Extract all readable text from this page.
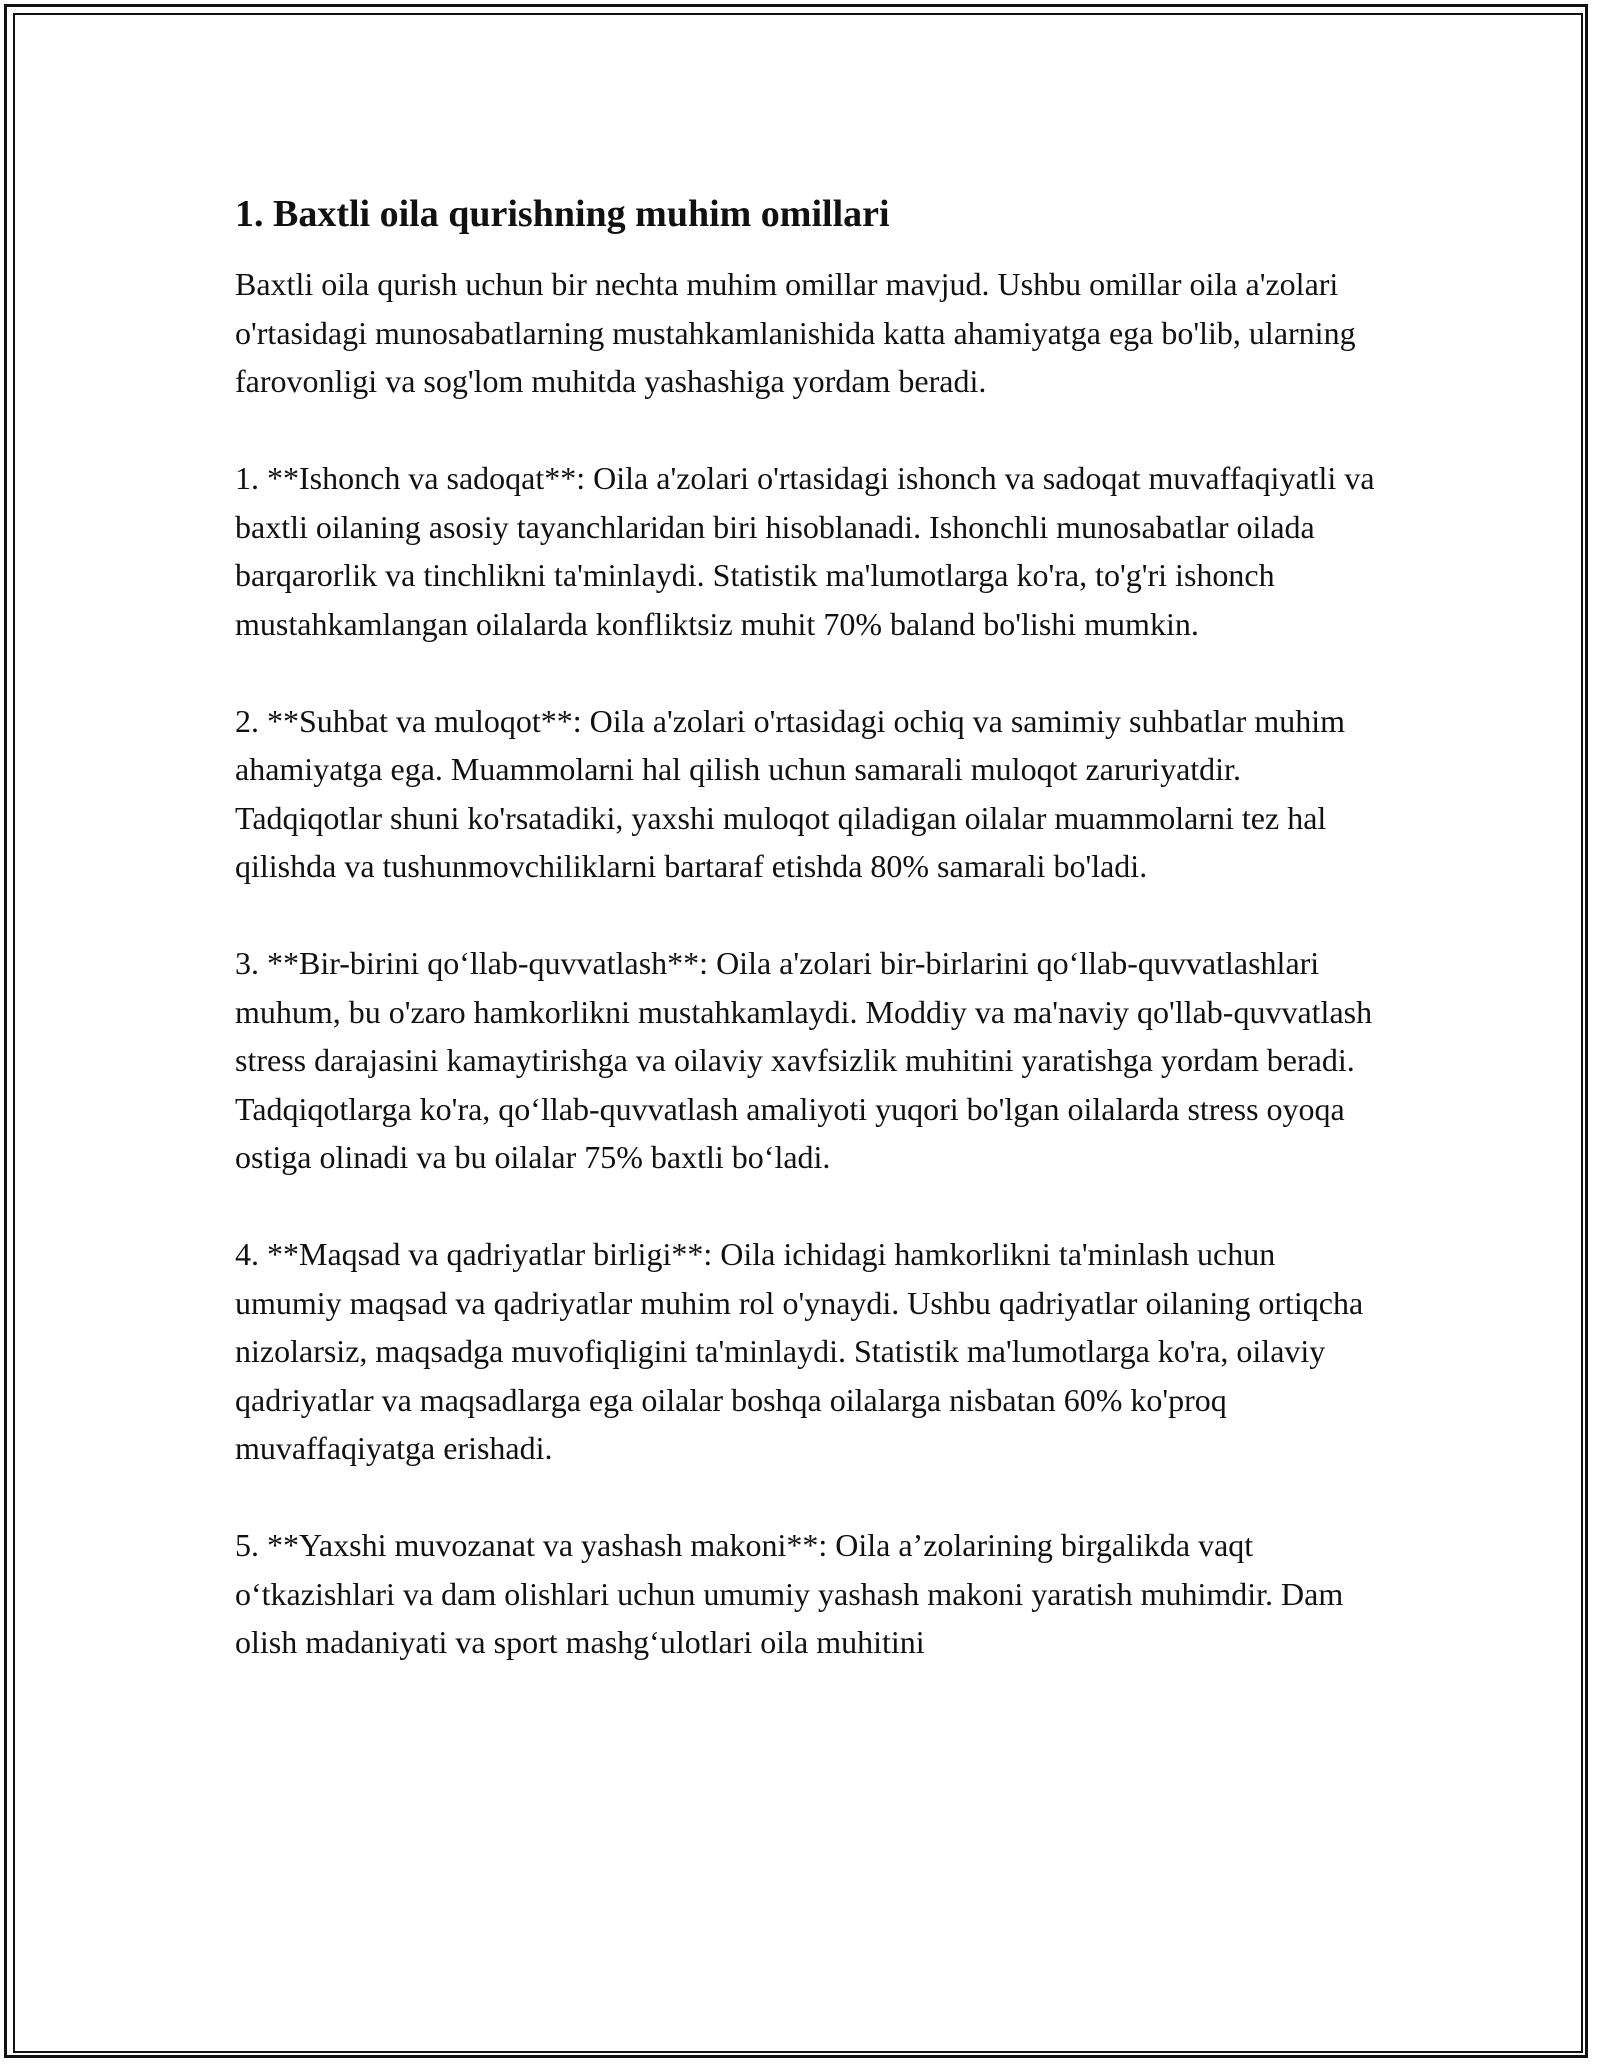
1. Baxtli oila qurishning muhim omillari

Baxtli oila qurish uchun bir nechta muhim omillar mavjud. Ushbu omillar oila a'zolari o'rtasidagi munosabatlarning mustahkamlanishida katta ahamiyatga ega bo'lib, ularning farovonligi va sog'lom muhitda yashashiga yordam beradi.

1. **Ishonch va sadoqat**: Oila a'zolari o'rtasidagi ishonch va sadoqat muvaffaqiyatli va baxtli oilaning asosiy tayanchlaridan biri hisoblanadi. Ishonchli munosabatlar oilada barqarorlik va tinchlikni ta'minlaydi. Statistik ma'lumotlarga ko'ra, to'g'ri ishonch mustahkamlangan oilalarda konfliktsiz muhit 70% baland bo'lishi mumkin.

2. **Suhbat va muloqot**: Oila a'zolari o'rtasidagi ochiq va samimiy suhbatlar muhim ahamiyatga ega. Muammolarni hal qilish uchun samarali muloqot zaruriyatdir. Tadqiqotlar shuni ko'rsatadiki, yaxshi muloqot qiladigan oilalar muammolarni tez hal qilishda va tushunmovchiliklarni bartaraf etishda 80% samarali bo'ladi.

3. **Bir-birini qo‘llab-quvvatlash**: Oila a'zolari bir-birlarini qo‘llab-quvvatlashlari muhum, bu o'zaro hamkorlikni mustahkamlaydi. Moddiy va ma'naviy qo'llab-quvvatlash stress darajasini kamaytirishga va oilaviy xavfsizlik muhitini yaratishga yordam beradi. Tadqiqotlarga ko'ra, qo‘llab-quvvatlash amaliyoti yuqori bo'lgan oilalarda stress oyoqa ostiga olinadi va bu oilalar 75% baxtli bo‘ladi.

4. **Maqsad va qadriyatlar birligi**: Oila ichidagi hamkorlikni ta'minlash uchun umumiy maqsad va qadriyatlar muhim rol o'ynaydi. Ushbu qadriyatlar oilaning ortiqcha nizolarsiz, maqsadga muvofiqligini ta'minlaydi. Statistik ma'lumotlarga ko'ra, oilaviy qadriyatlar va maqsadlarga ega oilalar boshqa oilalarga nisbatan 60% ko'proq muvaffaqiyatga erishadi.

5. **Yaxshi muvozanat va yashash makoni**: Oila a’zolarining birgalikda vaqt o‘tkazishlari va dam olishlari uchun umumiy yashash makoni yaratish muhimdir. Dam olish madaniyati va sport mashg‘ulotlari oila muhitini
